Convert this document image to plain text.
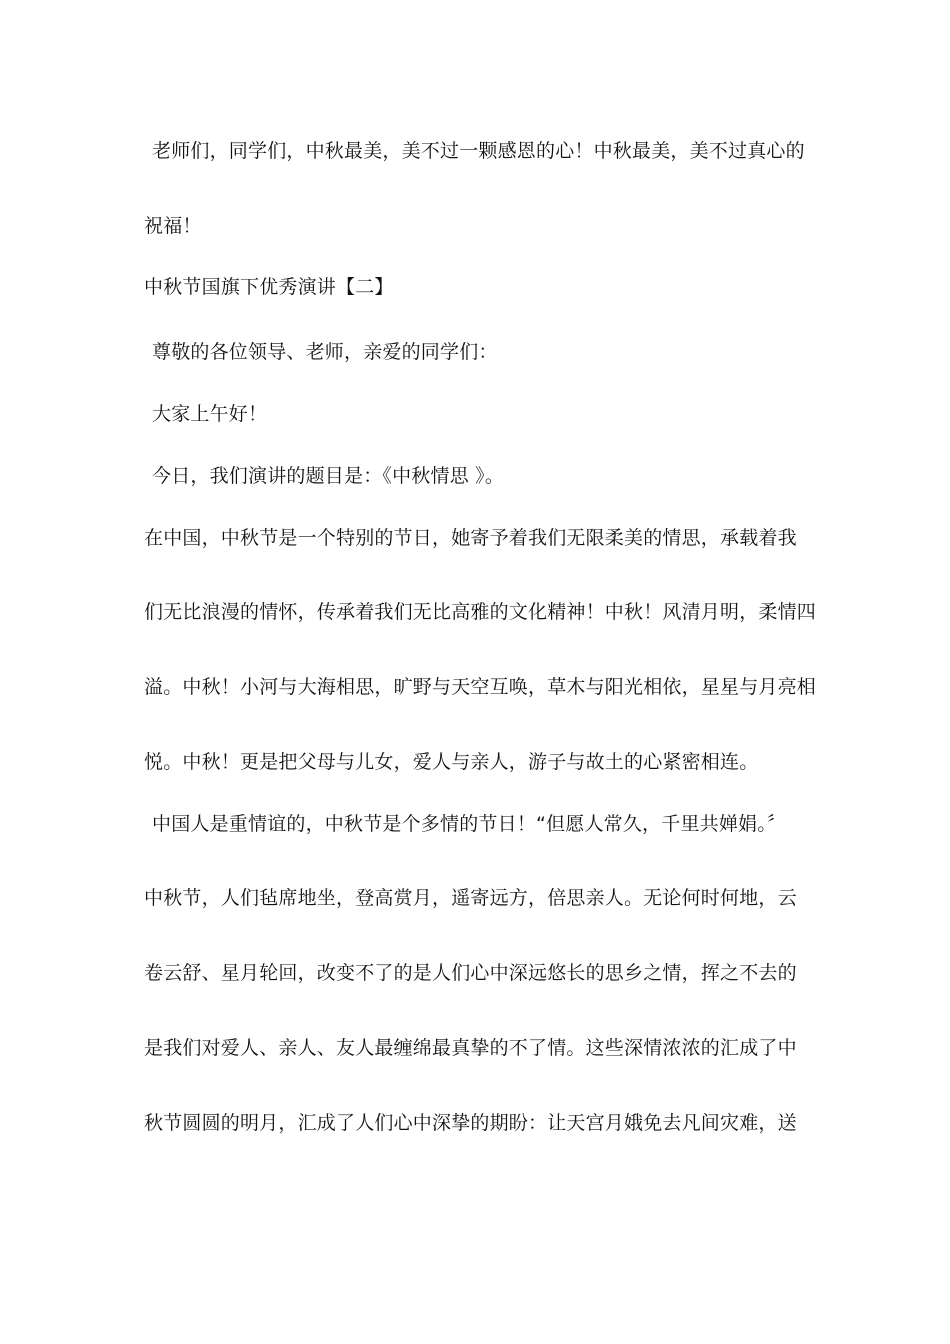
老师们，同学们，中秋最美，美不过一颗感恩的心！中秋最美，美不过真心的
祝福！
中秋节国旗下优秀演讲【二】
尊敬的各位领导、老师，亲爱的同学们：
大家上午好！
今日，我们演讲的题目是：《中秋情思 》。
在中国，中秋节是一个特别的节日，她寄予着我们无限柔美的情思，承载着我
们无比浪漫的情怀，传承着我们无比高雅的文化精神！中秋！风清月明，柔情四
溢。中秋！小河与大海相思，旷野与天空互唤，草木与阳光相依，星星与月亮相
悦。中秋！更是把父母与儿女，爱人与亲人，游子与故土的心紧密相连。
中国人是重情谊的，中秋节是个多情的节日！“但愿人常久，千里共婵娟。〞
中秋节，人们毡席地坐，登高赏月，遥寄远方，倍思亲人。无论何时何地，云
卷云舒、星月轮回，改变不了的是人们心中深远悠长的思乡之情，挥之不去的
是我们对爱人、亲人、友人最缠绵最真挚的不了情。这些深情浓浓的汇成了中
秋节圆圆的明月，汇成了人们心中深挚的期盼：让天宫月娥免去凡间灾难，送
